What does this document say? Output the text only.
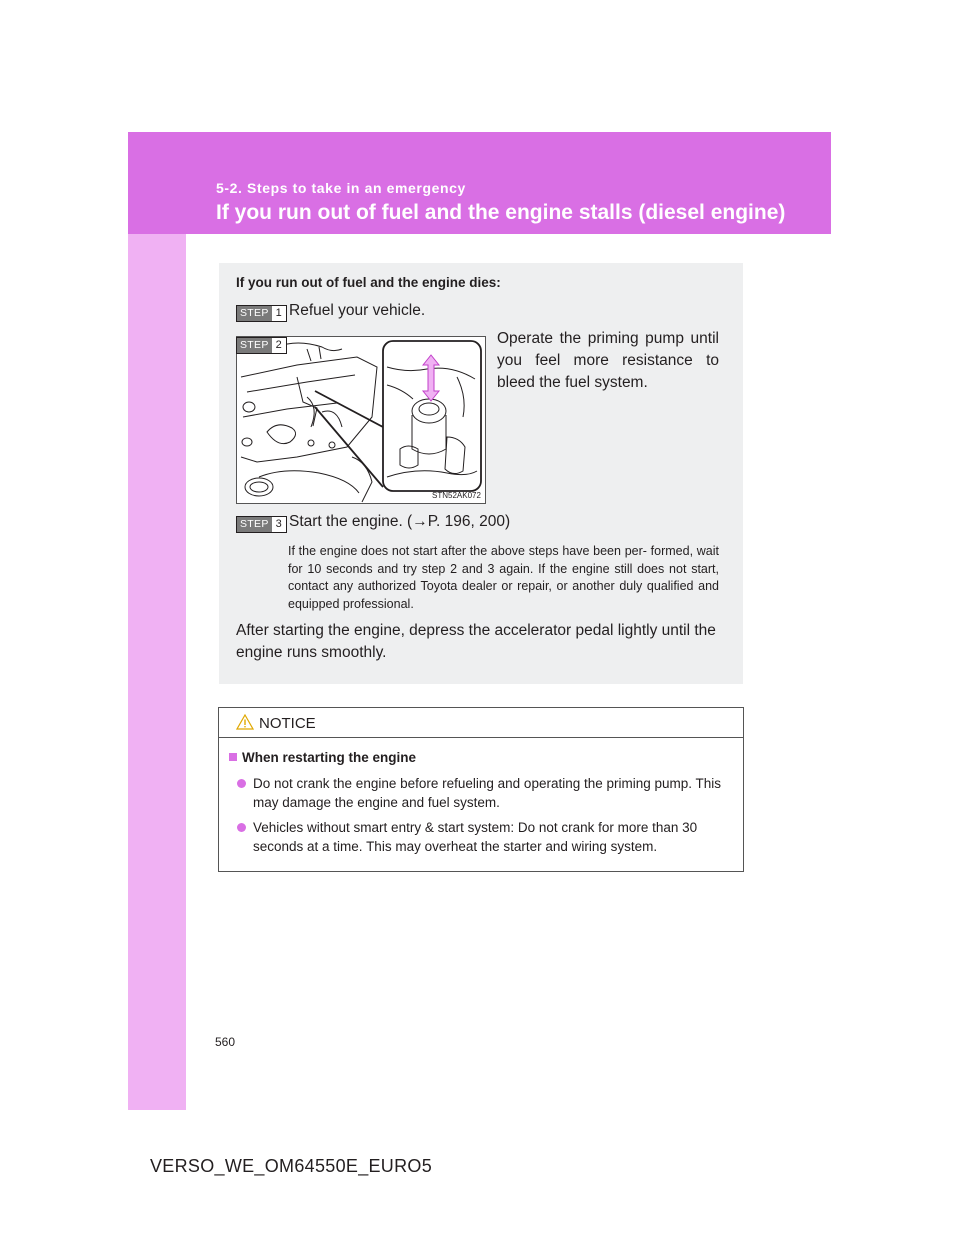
5-2. Steps to take in an emergency
If you run out of fuel and the engine stalls (diesel engine)
If you run out of fuel and the engine dies:
STEP 1 Refuel your vehicle.
STEP 2	Operate the priming pump until you feel more resistance to bleed the fuel system.
STN52AK072
STEP 3 Start the engine. (→P. 196, 200)
If the engine does not start after the above steps have been per- formed, wait for 10 seconds and try step 2 and 3 again. If the engine still does not start, contact any authorized Toyota dealer or repair, or another duly qualified and equipped professional.
After starting the engine, depress the accelerator pedal lightly until the engine runs smoothly.
NOTICE
When restarting the engine
Do not crank the engine before refueling and operating the priming pump. This may damage the engine and fuel system.
Vehicles without smart entry & start system: Do not crank for more than 30 seconds at a time. This may overheat the starter and wiring system.
560
VERSO_WE_OM64550E_EURO5
